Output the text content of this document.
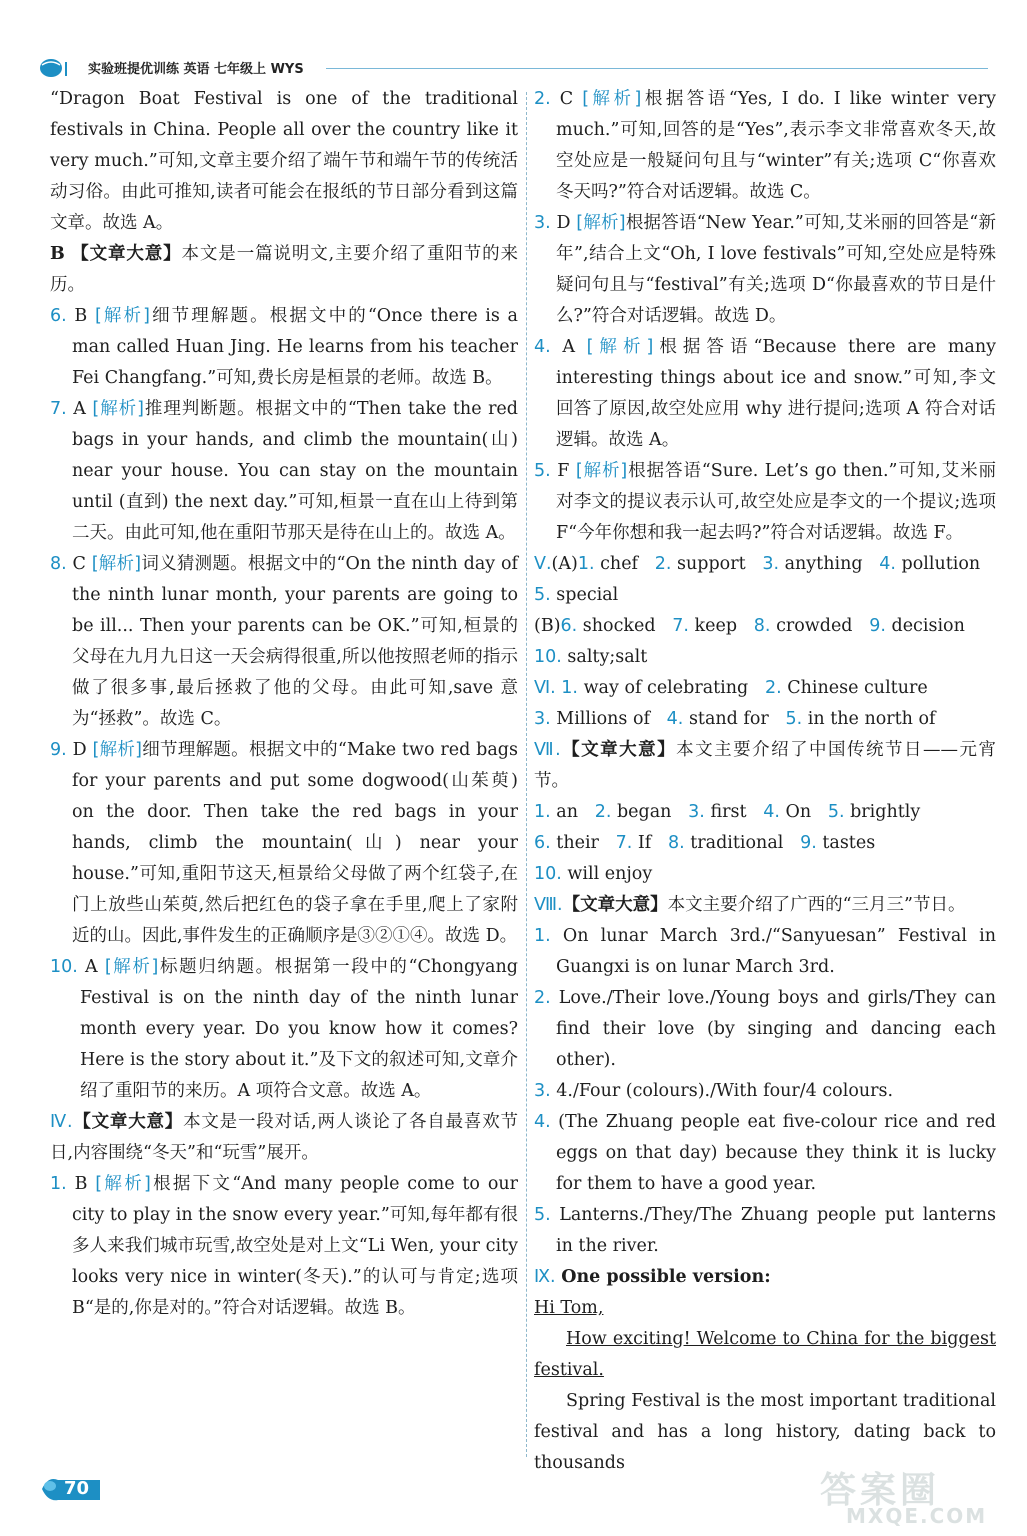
实验班提优训练 英语 七年级上 WYS

“Dragon Boat Festival is one of the traditional festivals in China. People all over the country like it very much.”可知,文章主要介绍了端午节和端午节的传统活动习俗。由此可推知,读者可能会在报纸的节日部分看到这篇文章。故选 A。

B 【文章大意】本文是一篇说明文,主要介绍了重阳节的来历。

6. B [解析]细节理解题。根据文中的“Once there is a man called Huan Jing. He learns from his teacher Fei Changfang.”可知,费长房是桓景的老师。故选 B。

7. A [解析]推理判断题。根据文中的“Then take the red bags in your hands, and climb the mountain(山) near your house. You can stay on the mountain until (直到) the next day.”可知,桓景一直在山上待到第二天。由此可知,他在重阳节那天是待在山上的。故选 A。

8. C [解析]词义猜测题。根据文中的“On the ninth day of the ninth lunar month, your parents are going to be ill... Then your parents can be OK.”可知,桓景的父母在九月九日这一天会病得很重,所以他按照老师的指示做了很多事,最后拯救了他的父母。由此可知,save 意为“拯救”。故选 C。

9. D [解析]细节理解题。根据文中的“Make two red bags for your parents and put some dogwood(山茱萸) on the door. Then take the red bags in your hands, climb the mountain(山) near your house.”可知,重阳节这天,桓景给父母做了两个红袋子,在门上放些山茱萸,然后把红色的袋子拿在手里,爬上了家附近的山。因此,事件发生的正确顺序是③②①④。故选 D。

10. A [解析]标题归纳题。根据第一段中的“Chongyang Festival is on the ninth day of the ninth lunar month every year. Do you know how it comes? Here is the story about it.”及下文的叙述可知,文章介绍了重阳节的来历。A 项符合文意。故选 A。

Ⅳ.【文章大意】本文是一段对话,两人谈论了各自最喜欢节日,内容围绕“冬天”和“玩雪”展开。

1. B [解析]根据下文“And many people come to our city to play in the snow every year.”可知,每年都有很多人来我们城市玩雪,故空处是对上文“Li Wen, your city looks very nice in winter(冬天).”的认可与肯定;选项 B“是的,你是对的。”符合对话逻辑。故选 B。

2. C [解析]根据答语“Yes, I do. I like winter very much.”可知,回答的是“Yes”,表示李文非常喜欢冬天,故空处应是一般疑问句且与“winter”有关;选项 C“你喜欢冬天吗?”符合对话逻辑。故选 C。

3. D [解析]根据答语“New Year.”可知,艾米丽的回答是“新年”,结合上文“Oh, I love festivals”可知,空处应是特殊疑问句且与“festival”有关;选项 D“你最喜欢的节日是什么?”符合对话逻辑。故选 D。

4. A [解析]根据答语“Because there are many interesting things about ice and snow.”可知,李文回答了原因,故空处应用 why 进行提问;选项 A 符合对话逻辑。故选 A。

5. F [解析]根据答语“Sure. Let’s go then.”可知,艾米丽对李文的提议表示认可,故空处应是李文的一个提议;选项 F“今年你想和我一起去吗?”符合对话逻辑。故选 F。

Ⅴ.(A)1. chef 2. support 3. anything 4. pollution

5. special

(B)6. shocked 7. keep 8. crowded 9. decision

10. salty;salt

Ⅵ. 1. way of celebrating 2. Chinese culture

3. Millions of 4. stand for 5. in the north of

Ⅶ.【文章大意】本文主要介绍了中国传统节日——元宵节。

1. an 2. began 3. first 4. On 5. brightly

6. their 7. If 8. traditional 9. tastes

10. will enjoy

Ⅷ.【文章大意】本文主要介绍了广西的“三月三”节日。

1. On lunar March 3rd./“Sanyuesan” Festival in Guangxi is on lunar March 3rd.

2. Love./Their love./Young boys and girls/They can find their love (by singing and dancing each other).

3. 4./Four (colours)./With four/4 colours.

4. (The Zhuang people eat five-colour rice and red eggs on that day) because they think it is lucky for them to have a good year.

5. Lanterns./They/The Zhuang people put lanterns in the river.

Ⅸ. One possible version:

Hi Tom,

How exciting! Welcome to China for the biggest festival.

Spring Festival is the most important traditional festival and has a long history, dating back to thousands

70	答案圈
MXQE.COM
